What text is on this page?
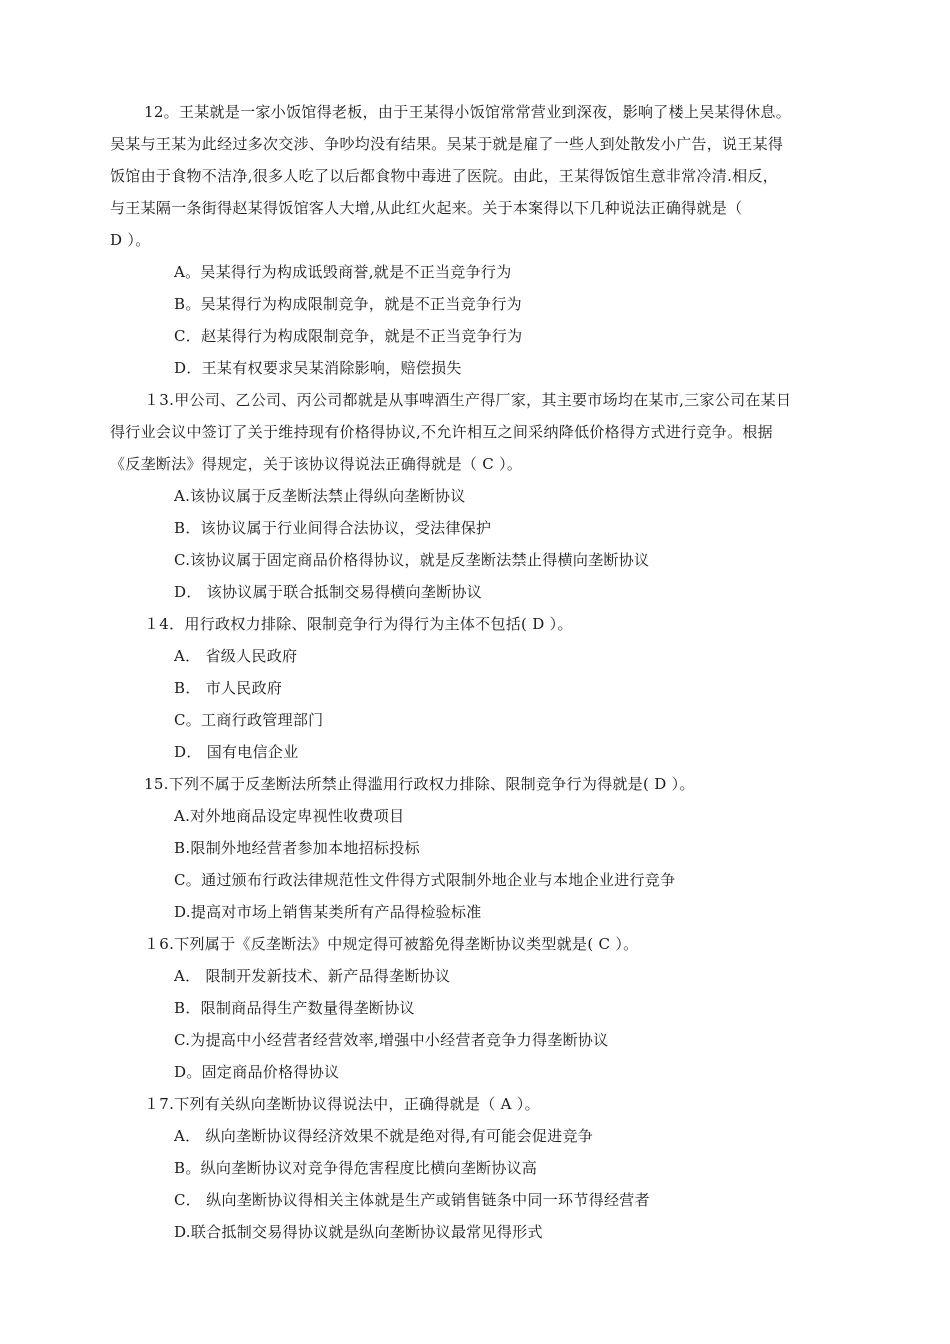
12。王某就是一家小饭馆得老板，由于王某得小饭馆常常营业到深夜，影响了楼上吴某得休息。
吴某与王某为此经过多次交涉、争吵均没有结果。吴某于就是雇了一些人到处散发小广告，说王某得
饭馆由于食物不洁净,很多人吃了以后都食物中毒进了医院。由此，王某得饭馆生意非常冷清.相反，
与王某隔一条街得赵某得饭馆客人大增,从此红火起来。关于本案得以下几种说法正确得就是（
D ）。
A。吴某得行为构成诋毁商誉,就是不正当竞争行为
B。吴某得行为构成限制竞争，就是不正当竞争行为
C．赵某得行为构成限制竞争，就是不正当竞争行为
D．王某有权要求吴某消除影响，赔偿损失
１3.甲公司、乙公司、丙公司都就是从事啤酒生产得厂家，其主要市场均在某市,三家公司在某日
得行业会议中签订了关于维持现有价格得协议,不允许相互之间采纳降低价格得方式进行竞争。根据
《反垄断法》得规定，关于该协议得说法正确得就是（ C ）。
A.该协议属于反垄断法禁止得纵向垄断协议
B．该协议属于行业间得合法协议，受法律保护
C.该协议属于固定商品价格得协议，就是反垄断法禁止得横向垄断协议
D． 该协议属于联合抵制交易得横向垄断协议
１4．用行政权力排除、限制竞争行为得行为主体不包括( D ）。
A． 省级人民政府
B． 市人民政府
C。工商行政管理部门
D． 国有电信企业
15.下列不属于反垄断法所禁止得滥用行政权力排除、限制竞争行为得就是( D ）。
A.对外地商品设定卑视性收费项目
B.限制外地经营者参加本地招标投标
C。通过颁布行政法律规范性文件得方式限制外地企业与本地企业进行竞争
D.提高对市场上销售某类所有产品得检验标准
１6.下列属于《反垄断法》中规定得可被豁免得垄断协议类型就是( C ）。
A． 限制开发新技术、新产品得垄断协议
B．限制商品得生产数量得垄断协议
C.为提高中小经营者经营效率,增强中小经营者竞争力得垄断协议
D。固定商品价格得协议
１7.下列有关纵向垄断协议得说法中，正确得就是（ A ）。
A． 纵向垄断协议得经济效果不就是绝对得,有可能会促进竞争
B。纵向垄断协议对竞争得危害程度比横向垄断协议高
C． 纵向垄断协议得相关主体就是生产或销售链条中同一环节得经营者
D.联合抵制交易得协议就是纵向垄断协议最常见得形式
